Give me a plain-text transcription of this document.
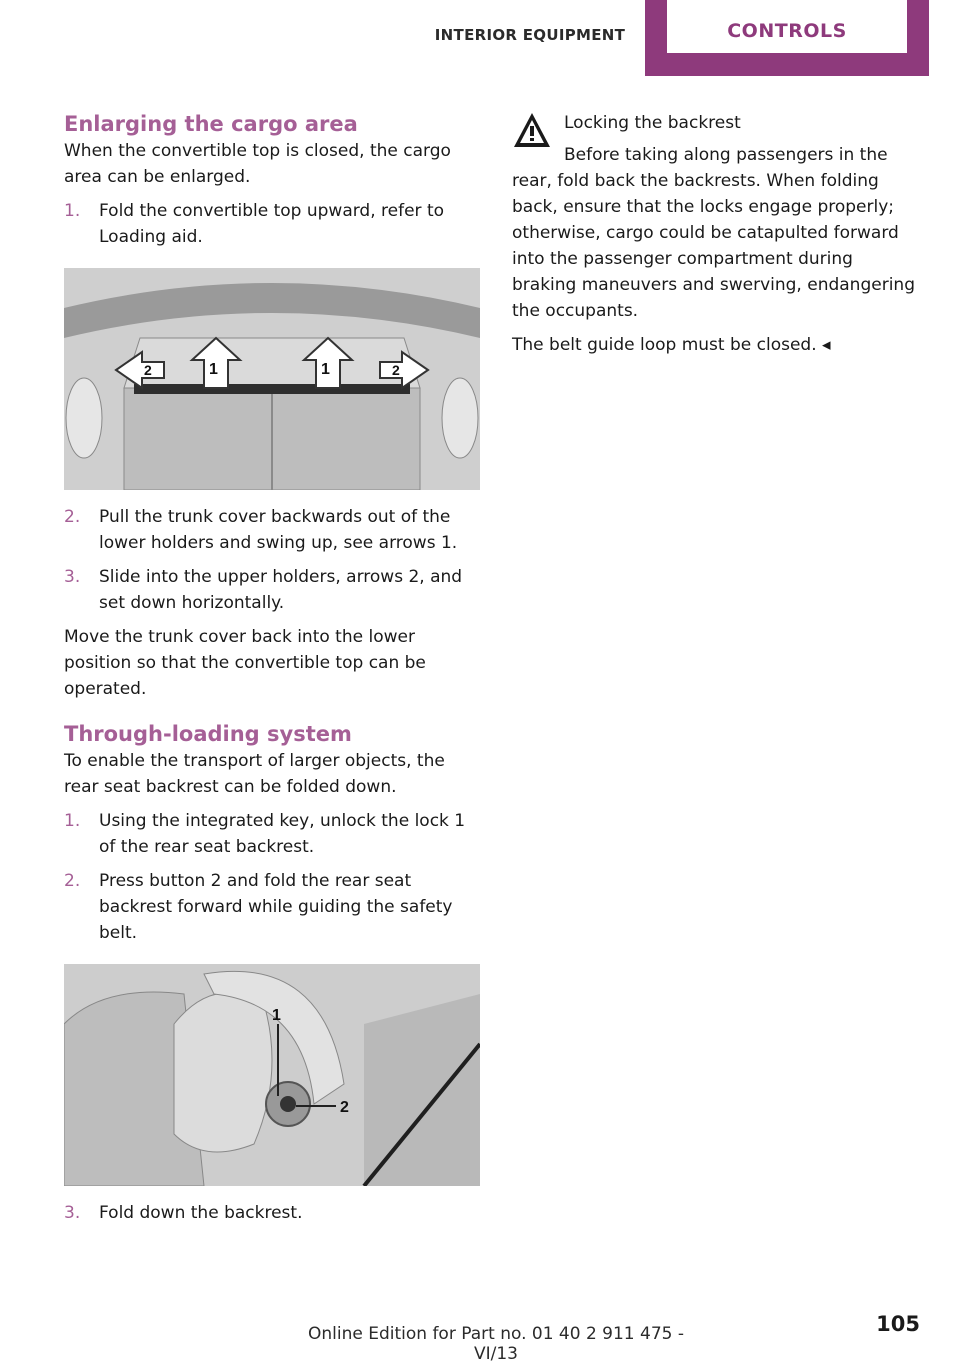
INTERIOR EQUIPMENT	CONTROLS
Enlarging the cargo area

When the convertible top is closed, the cargo area can be enlarged.

1. Fold the convertible top upward, refer to Loading aid.
1	1
2	2
2. Pull the trunk cover backwards out of the lower holders and swing up, see arrows 1.
3. Slide into the upper holders, arrows 2, and set down horizontally.

Move the trunk cover back into the lower position so that the convertible top can be operated.

Through-loading system

To enable the transport of larger objects, the rear seat backrest can be folded down.

1. Using the integrated key, unlock the lock 1 of the rear seat backrest.
2. Press button 2 and fold the rear seat backrest forward while guiding the safety belt.
1
2
3. Fold down the backrest.
Locking the backrest

Before taking along passengers in the rear, fold back the backrests. When folding back, ensure that the locks engage properly; otherwise, cargo could be catapulted forward into the passenger compartment during braking maneuvers and swerving, endangering the occupants.

The belt guide loop must be closed. ◂

Online Edition for Part no. 01 40 2 911 475 - VI/13
105
